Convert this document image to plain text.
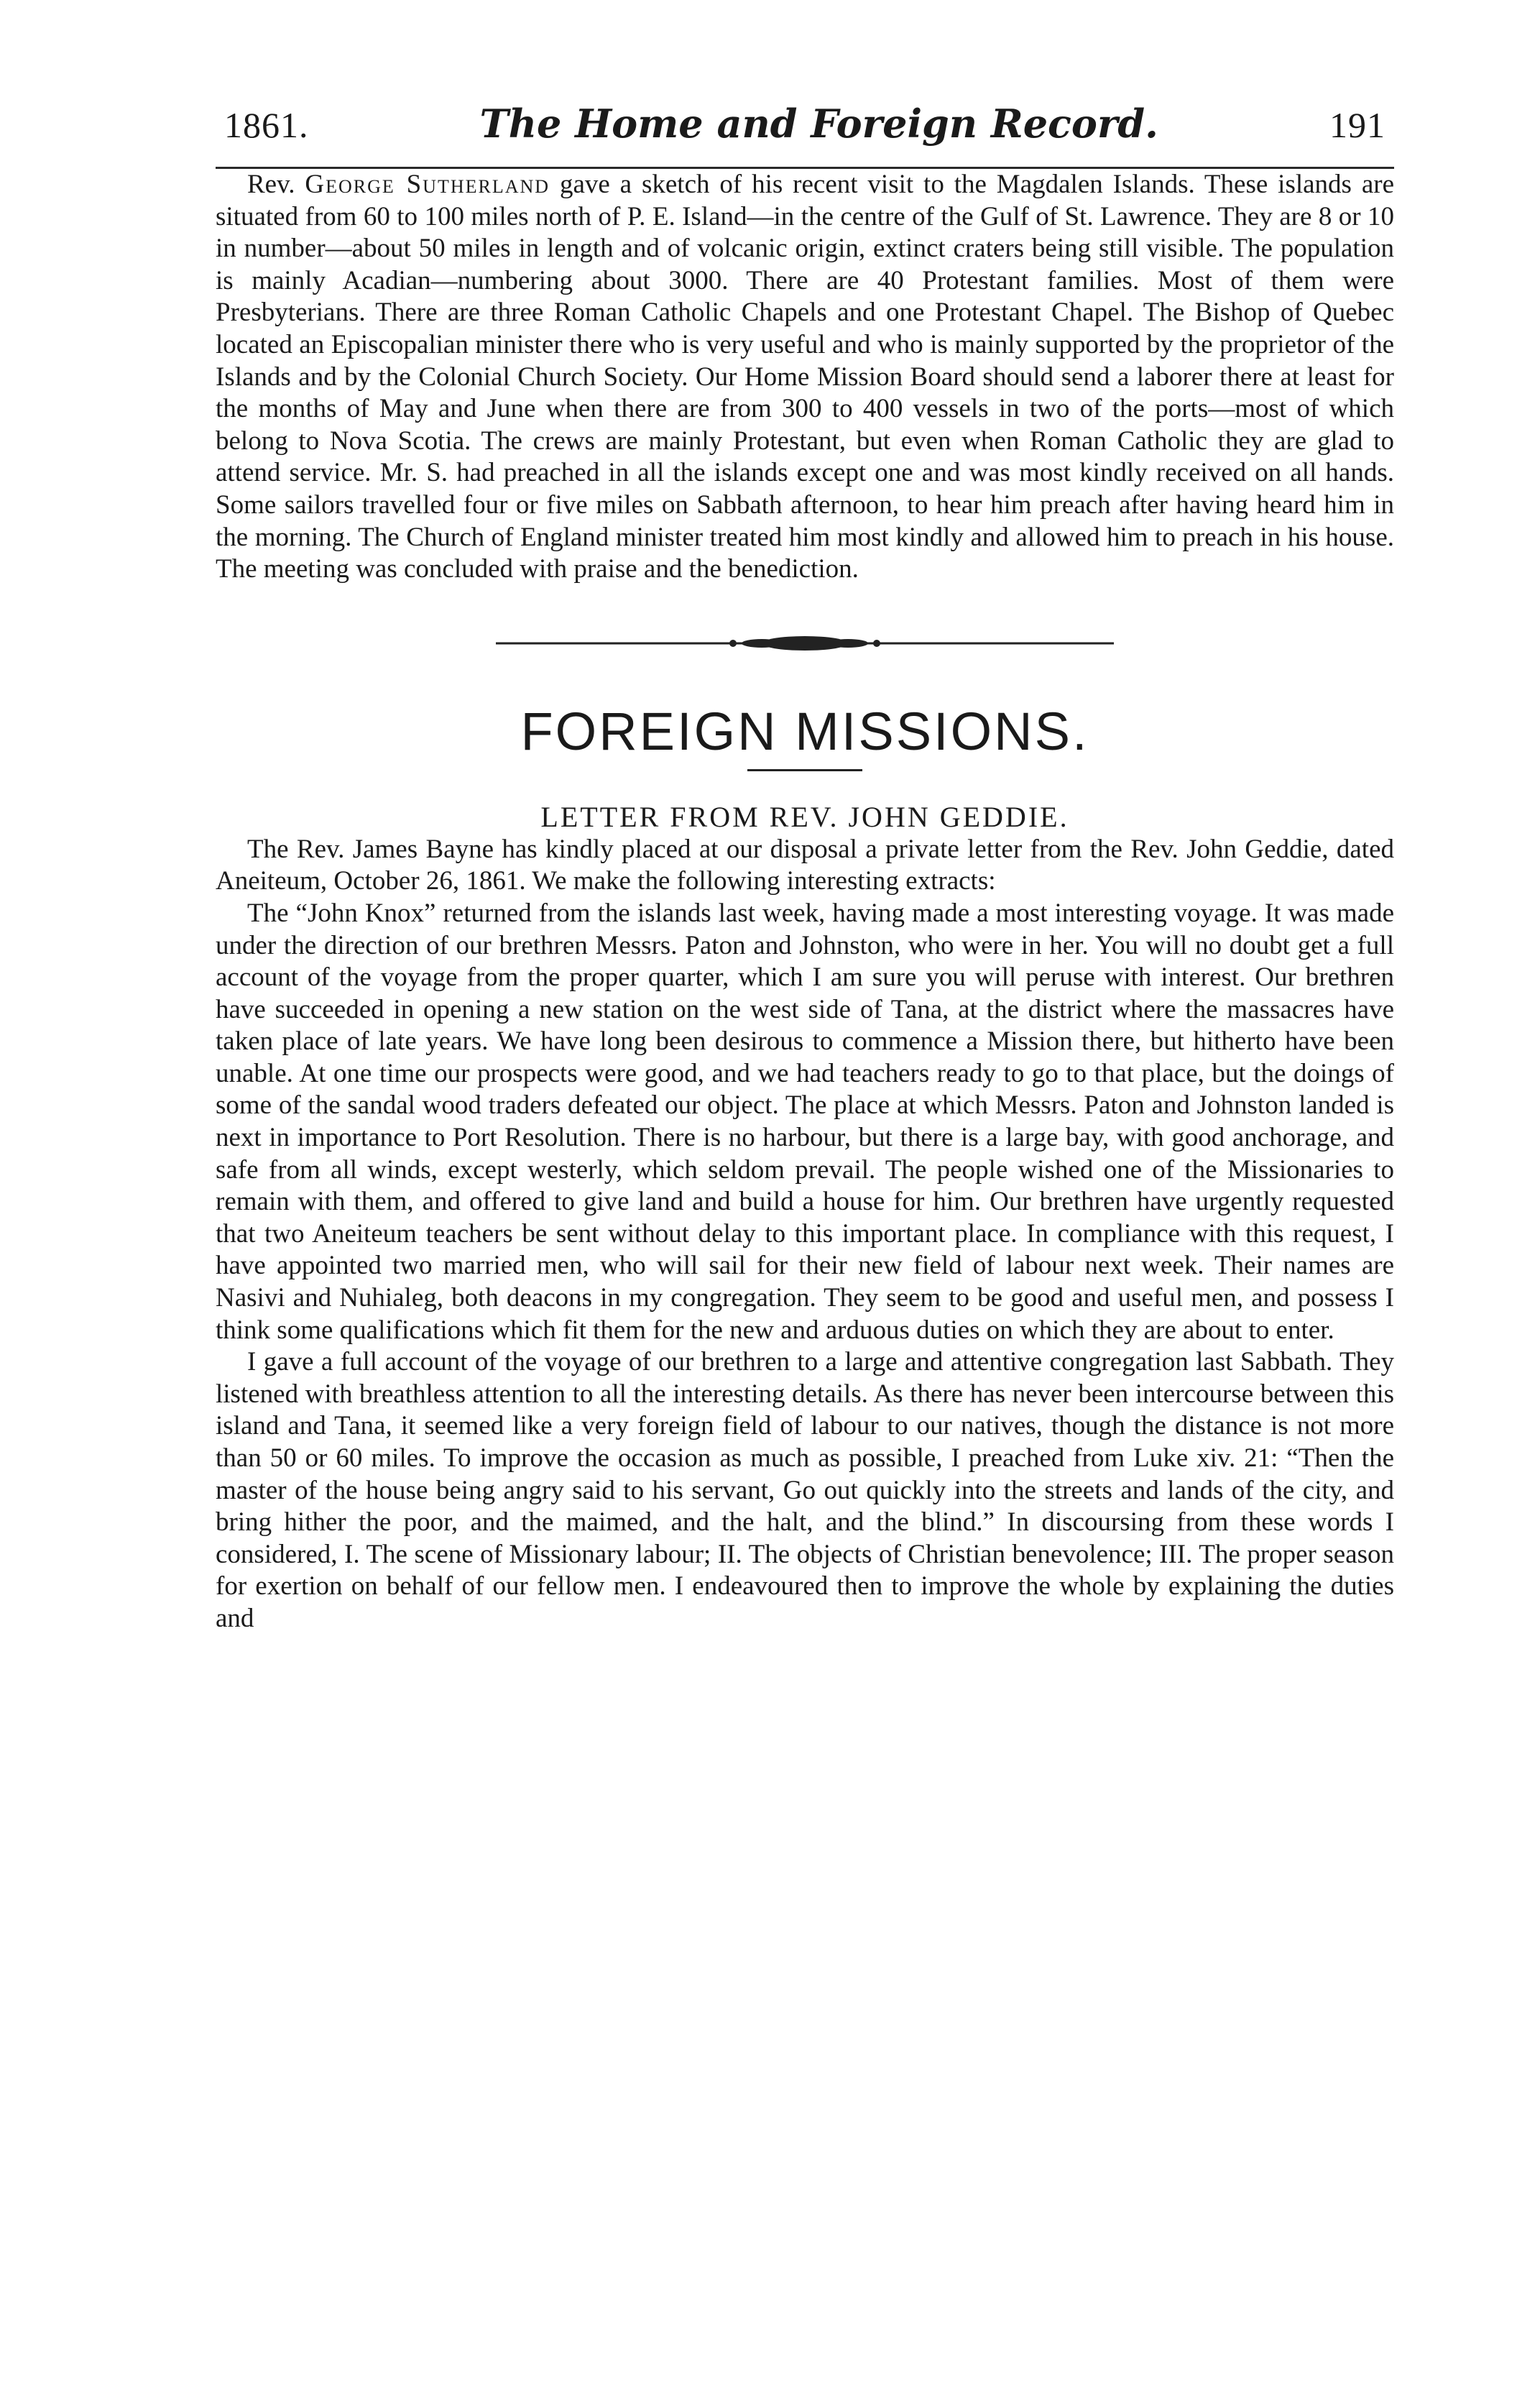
1861.	The Home and Foreign Record.	191

Rev. George Sutherland gave a sketch of his recent visit to the Magdalen Islands. These islands are situated from 60 to 100 miles north of P. E. Island—in the centre of the Gulf of St. Lawrence. They are 8 or 10 in number—about 50 miles in length and of volcanic origin, extinct craters being still visible. The population is mainly Acadian—numbering about 3000. There are 40 Protestant families. Most of them were Presbyterians. There are three Roman Catholic Chapels and one Protestant Chapel. The Bishop of Quebec located an Episcopalian minister there who is very useful and who is mainly supported by the proprietor of the Islands and by the Colonial Church Society. Our Home Mission Board should send a laborer there at least for the months of May and June when there are from 300 to 400 vessels in two of the ports—most of which belong to Nova Scotia. The crews are mainly Protestant, but even when Roman Catholic they are glad to attend service. Mr. S. had preached in all the islands except one and was most kindly received on all hands. Some sailors travelled four or five miles on Sabbath afternoon, to hear him preach after having heard him in the morning. The Church of England minister treated him most kindly and allowed him to preach in his house. The meeting was concluded with praise and the benediction.

FOREIGN MISSIONS.
LETTER FROM REV. JOHN GEDDIE.

The Rev. James Bayne has kindly placed at our disposal a private letter from the Rev. John Geddie, dated Aneiteum, October 26, 1861. We make the following interesting extracts:

The “John Knox” returned from the islands last week, having made a most interesting voyage. It was made under the direction of our brethren Messrs. Paton and Johnston, who were in her. You will no doubt get a full account of the voyage from the proper quarter, which I am sure you will peruse with interest. Our brethren have succeeded in opening a new station on the west side of Tana, at the district where the massacres have taken place of late years. We have long been desirous to commence a Mission there, but hitherto have been unable. At one time our prospects were good, and we had teachers ready to go to that place, but the doings of some of the sandal wood traders defeated our object. The place at which Messrs. Paton and Johnston landed is next in importance to Port Resolution. There is no harbour, but there is a large bay, with good anchorage, and safe from all winds, except westerly, which seldom prevail. The people wished one of the Missionaries to remain with them, and offered to give land and build a house for him. Our brethren have urgently requested that two Aneiteum teachers be sent without delay to this important place. In compliance with this request, I have appointed two married men, who will sail for their new field of labour next week. Their names are Nasivi and Nuhialeg, both deacons in my congregation. They seem to be good and useful men, and possess I think some qualifications which fit them for the new and arduous duties on which they are about to enter.

I gave a full account of the voyage of our brethren to a large and attentive congregation last Sabbath. They listened with breathless attention to all the interesting details. As there has never been intercourse between this island and Tana, it seemed like a very foreign field of labour to our natives, though the distance is not more than 50 or 60 miles. To improve the occasion as much as possible, I preached from Luke xiv. 21: “Then the master of the house being angry said to his servant, Go out quickly into the streets and lands of the city, and bring hither the poor, and the maimed, and the halt, and the blind.” In discoursing from these words I considered, I. The scene of Missionary labour; II. The objects of Christian benevolence; III. The proper season for exertion on behalf of our fellow men. I endeavoured then to improve the whole by explaining the duties and
